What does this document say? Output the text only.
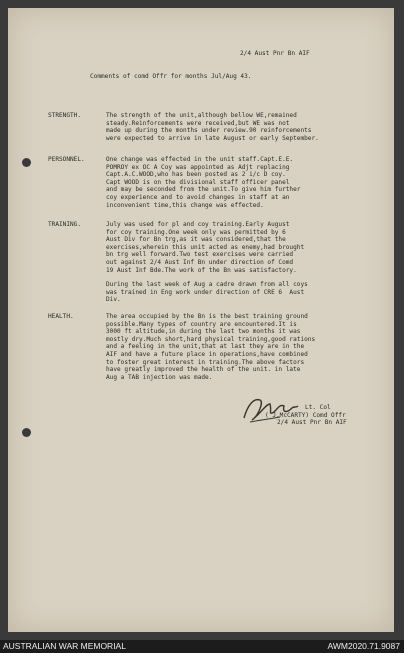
2/4 Aust Pnr Bn AIF
Comments of comd Offr for months Jul/Aug 43.
STRENGTH.	The strength of the unit,although bellow WE,remained
steady.Reinforcements were received,but WE was not
made up during the months under review.90 reinforcements
were expected to arrive in late August or early September.
PERSONNEL.	One change was effected in the unit staff.Capt.E.E.
POMROY ex OC A Coy was appointed as Adjt replacing
Capt.A.C.WOOD,who has been posted as 2 i/c D coy.
Capt WOOD is on the divisional staff officer panel
and may be seconded from the unit.To give him further
coy experience and to avoid changes in staff at an
inconvenient time,this change was effected.
TRAINING.	July was used for pl and coy training.Early August
for coy training.One week only was permitted by 6
Aust Div for Bn trg,as it was considered,that the
exercises,wherein this unit acted as enemy,had brought
bn trg well forward.Two test exercises were carried
out against 2/4 Aust Inf Bn under direction of Comd
19 Aust Inf Bde.The work of the Bn was satisfactory.
During the last week of Aug a cadre drawn from all coys
was trained in Eng work under direction of CRE 6  Aust
Div.
HEALTH.	The area occupied by the Bn is the best training ground
possible.Many types of country are encountered.It is
3000 ft altitude,in during the last two months it was
mostly dry.Much short,hard physical training,good rations
and a feeling in the unit,that at last they are in the
AIF and have a future place in operations,have combined
to foster great interest in training.The above factors
have greatly improved the health of the unit. in late
Aug a TAB injection was made.
Lt. Col
( J.McCARTY) Comd Offr
2/4 Aust Pnr Bn AIF
AUSTRALIAN WAR MEMORIAL	AWM2020.71.9087
